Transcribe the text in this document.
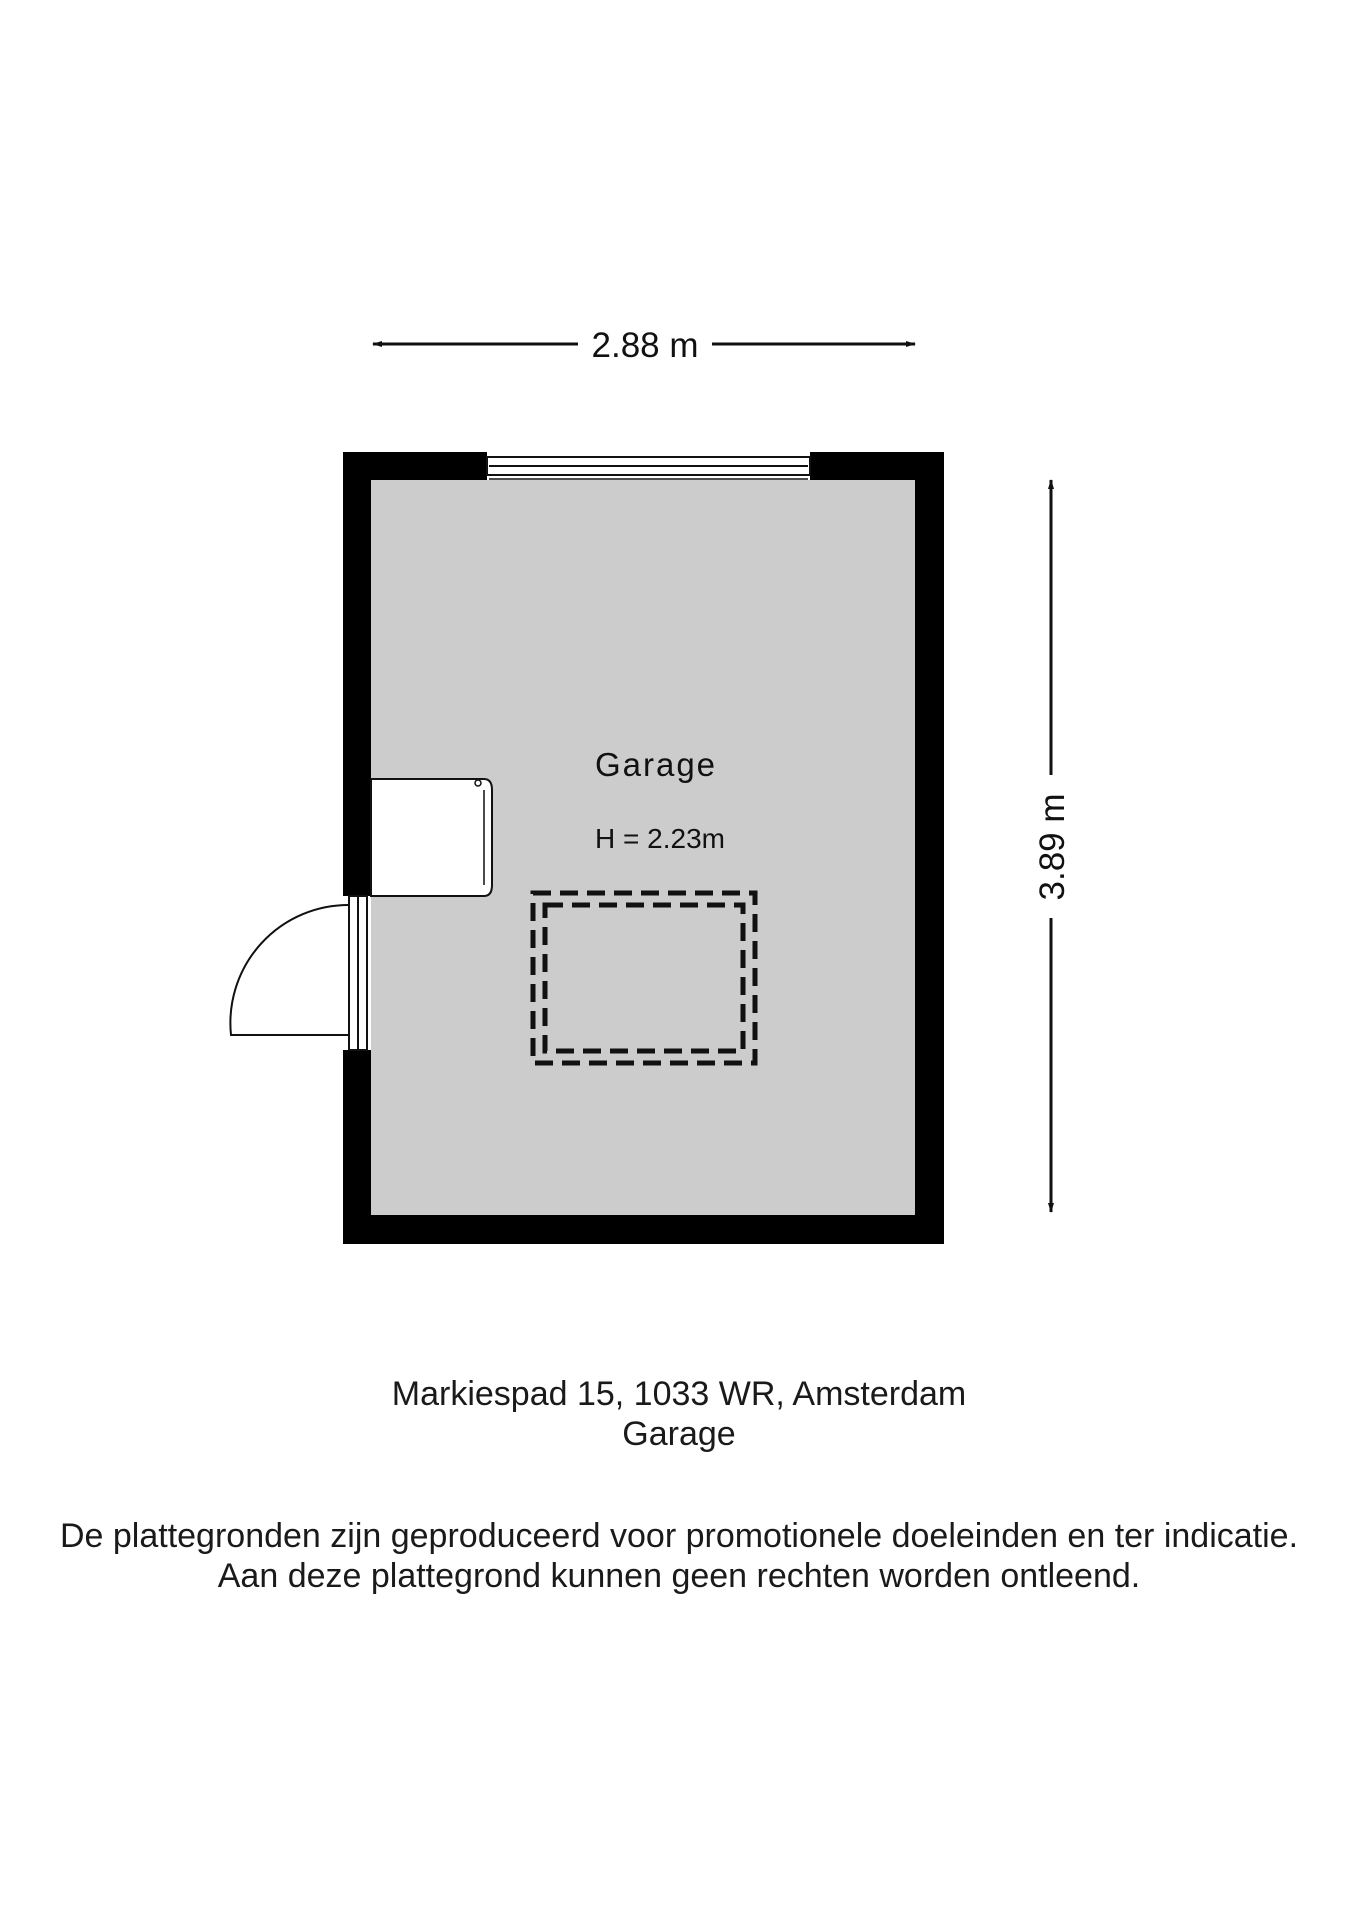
2.88 m
3.89 m
Garage
H = 2.23m
Markiespad 15, 1033 WR, Amsterdam
Garage
De plattegronden zijn geproduceerd voor promotionele doeleinden en ter indicatie.
Aan deze plattegrond kunnen geen rechten worden ontleend.
